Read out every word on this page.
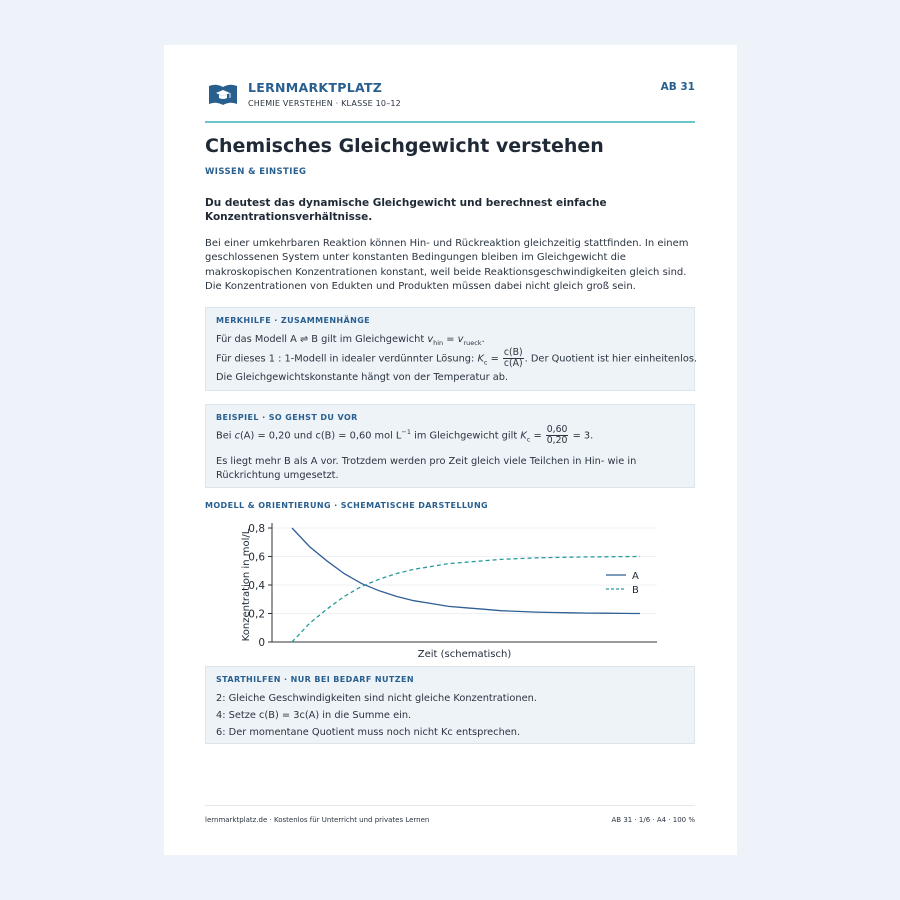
LERNMARKTPLATZ
CHEMIE VERSTEHEN · KLASSE 10–12
AB 31
Chemisches Gleichgewicht verstehen
WISSEN & EINSTIEG
Du deutest das dynamische Gleichgewicht und berechnest einfache Konzentrationsverhältnisse.
Bei einer umkehrbaren Reaktion können Hin- und Rückreaktion gleichzeitig stattfinden. In einem geschlossenen System unter konstanten Bedingungen bleiben im Gleichgewicht die makroskopischen Konzentrationen konstant, weil beide Reaktionsgeschwindigkeiten gleich sind. Die Konzentrationen von Edukten und Produkten müssen dabei nicht gleich groß sein.
MERKHILFE · ZUSAMMENHÄNGE
Für das Modell A ⇌ B gilt im Gleichgewicht $v_{hin} = v_{rueck}$.
Für dieses 1 : 1-Modell in idealer verdünnter Lösung: $K_c = \frac{c(B)}{c(A)}$ . Der Quotient ist hier einheitenlos.
Die Gleichgewichtskonstante hängt von der Temperatur ab.
BEISPIEL · SO GEHST DU VOR
Bei c(A) = 0,20 und c(B) = 0,60 mol $L^{-1}$ im Gleichgewicht gilt $K_c = \frac{0,60}{0,20} = 3$.
Es liegt mehr B als A vor. Trotzdem werden pro Zeit gleich viele Teilchen in Hin- wie in Rückrichtung umgesetzt.
MODELL & ORIENTIERUNG · SCHEMATISCHE DARSTELLUNG
0
0,2
0,4
0,6
0,8
Zeit (schematisch)
Konzentration in mol/L	A
B
STARTHILFEN · NUR BEI BEDARF NUTZEN
2: Gleiche Geschwindigkeiten sind nicht gleiche Konzentrationen.
4: Setze c(B) = 3c(A) in die Summe ein.
6: Der momentane Quotient muss noch nicht Kc entsprechen.
lernmarktplatz.de · Kostenlos für Unterricht und privates Lernen	AB 31 · 1/6 · A4 · 100 %
